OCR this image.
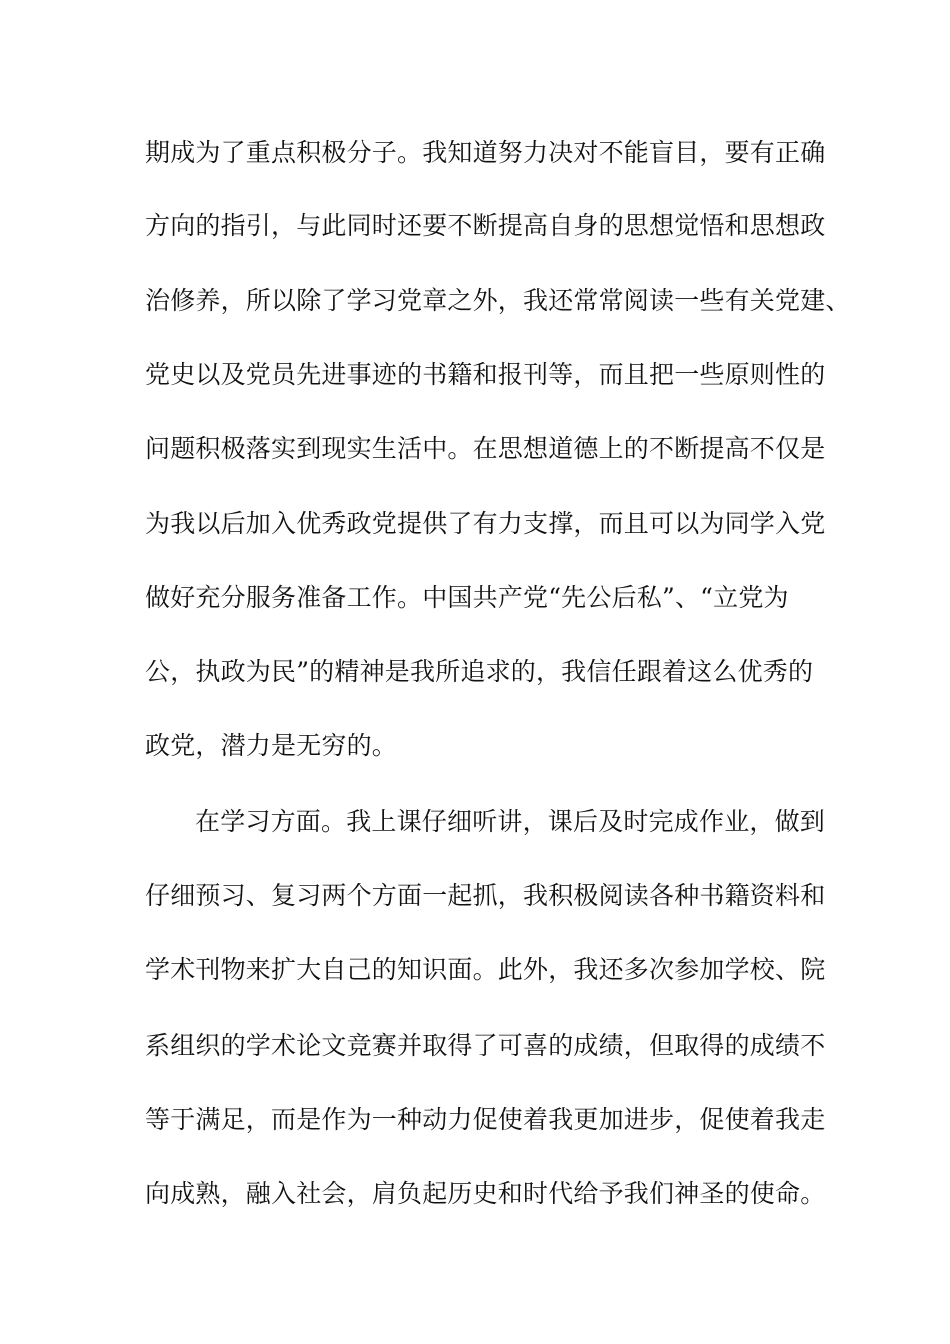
期成为了重点积极分子。我知道努力决对不能盲目，要有正确
方向的指引，与此同时还要不断提高自身的思想觉悟和思想政
治修养，所以除了学习党章之外，我还常常阅读一些有关党建、
党史以及党员先进事迹的书籍和报刊等，而且把一些原则性的
问题积极落实到现实生活中。在思想道德上的不断提高不仅是
为我以后加入优秀政党提供了有力支撑，而且可以为同学入党
做好充分服务准备工作。中国共产党“先公后私”、“立党为
公，执政为民”的精神是我所追求的，我信任跟着这么优秀的
政党，潜力是无穷的。
在学习方面。我上课仔细听讲，课后及时完成作业，做到
仔细预习、复习两个方面一起抓，我积极阅读各种书籍资料和
学术刊物来扩大自己的知识面。此外，我还多次参加学校、院
系组织的学术论文竞赛并取得了可喜的成绩，但取得的成绩不
等于满足，而是作为一种动力促使着我更加进步，促使着我走
向成熟，融入社会，肩负起历史和时代给予我们神圣的使命。
